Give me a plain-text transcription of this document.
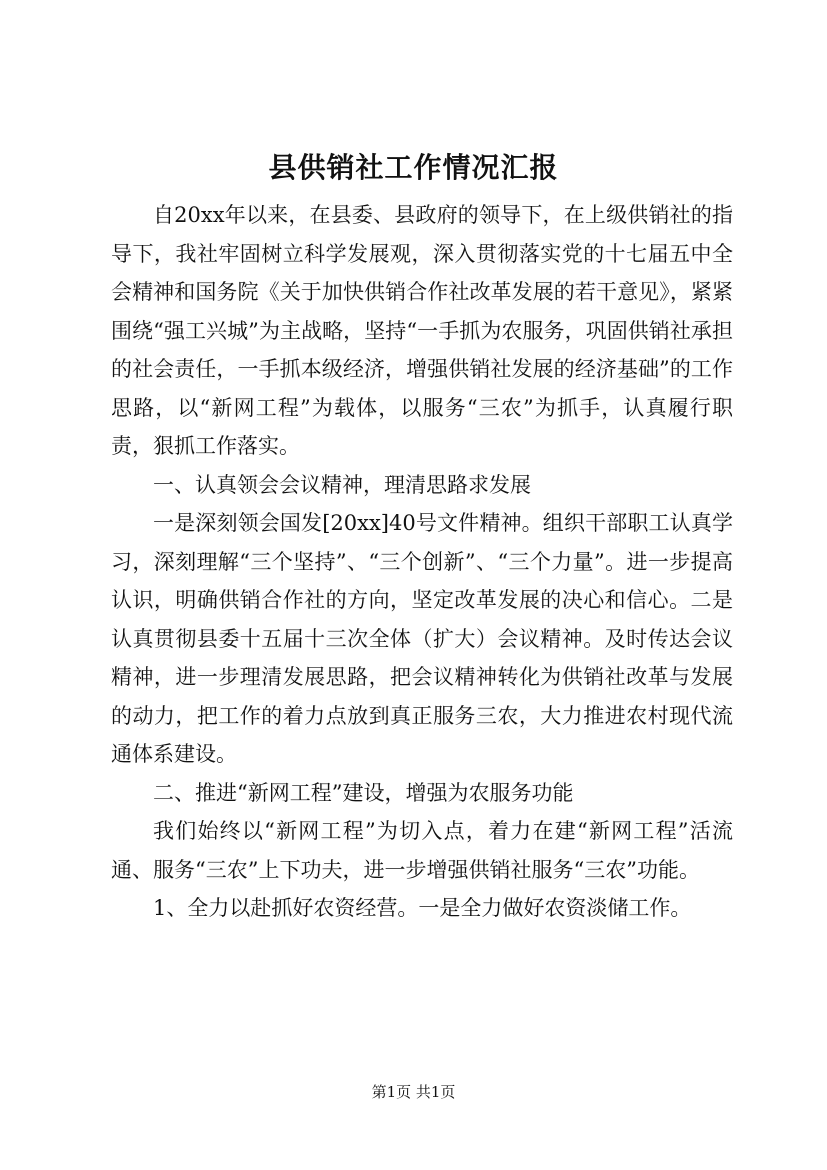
县供销社工作情况汇报

自20xx年以来，在县委、县政府的领导下，在上级供销社的指导下，我社牢固树立科学发展观，深入贯彻落实党的十七届五中全会精神和国务院《关于加快供销合作社改革发展的若干意见》，紧紧围绕“强工兴城”为主战略，坚持“一手抓为农服务，巩固供销社承担的社会责任，一手抓本级经济，增强供销社发展的经济基础”的工作思路，以“新网工程”为载体，以服务“三农”为抓手，认真履行职责，狠抓工作落实。

一、认真领会会议精神，理清思路求发展

一是深刻领会国发[20xx]40号文件精神。组织干部职工认真学习，深刻理解“三个坚持”、“三个创新”、“三个力量”。进一步提高认识，明确供销合作社的方向，坚定改革发展的决心和信心。二是认真贯彻县委十五届十三次全体（扩大）会议精神。及时传达会议精神，进一步理清发展思路，把会议精神转化为供销社改革与发展的动力，把工作的着力点放到真正服务三农，大力推进农村现代流通体系建设。

二、推进“新网工程”建设，增强为农服务功能

我们始终以“新网工程”为切入点，着力在建“新网工程”活流通、服务“三农”上下功夫，进一步增强供销社服务“三农”功能。

1、全力以赴抓好农资经营。一是全力做好农资淡储工作。

第1页 共1页
